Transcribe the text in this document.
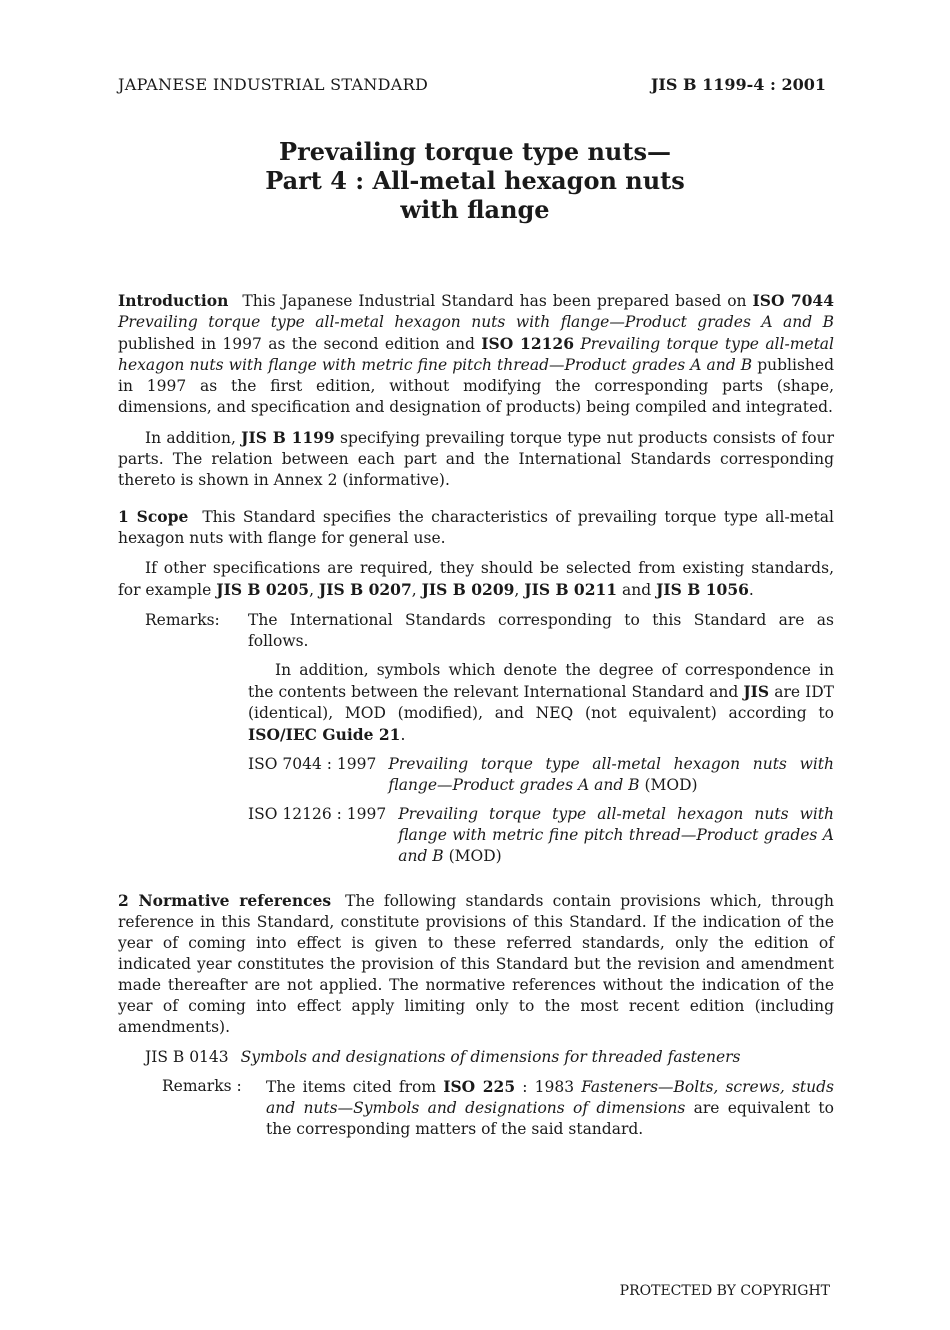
JAPANESE INDUSTRIAL STANDARD	JIS B 1199-4 : 2001
Prevailing torque type nuts—
Part 4 : All-metal hexagon nuts
with flange

Introduction This Japanese Industrial Standard has been prepared based on ISO 7044 Prevailing torque type all-metal hexagon nuts with flange—Product grades A and B published in 1997 as the second edition and ISO 12126 Prevailing torque type all-metal hexagon nuts with flange with metric fine pitch thread—Product grades A and B published in 1997 as the first edition, without modifying the corresponding parts (shape, dimensions, and specification and designation of products) being compiled and integrated.

In addition, JIS B 1199 specifying prevailing torque type nut products consists of four parts. The relation between each part and the International Standards corresponding thereto is shown in Annex 2 (informative).

1 Scope This Standard specifies the characteristics of prevailing torque type all-metal hexagon nuts with flange for general use.

If other specifications are required, they should be selected from existing standards, for example JIS B 0205, JIS B 0207, JIS B 0209, JIS B 0211 and JIS B 1056.

Remarks:	The International Standards corresponding to this Standard are as follows.

In addition, symbols which denote the degree of correspondence in the contents between the relevant International Standard and JIS are IDT (identical), MOD (modified), and NEQ (not equivalent) according to ISO/IEC Guide 21.

ISO 7044 : 1997 Prevailing torque type all-metal hexagon nuts with flange—Product grades A and B (MOD)
ISO 12126 : 1997 Prevailing torque type all-metal hexagon nuts with flange with metric fine pitch thread—Product grades A and B (MOD)

2 Normative references The following standards contain provisions which, through reference in this Standard, constitute provisions of this Standard. If the indication of the year of coming into effect is given to these referred standards, only the edition of indicated year constitutes the provision of this Standard but the revision and amendment made thereafter are not applied. The normative references without the indication of the year of coming into effect apply limiting only to the most recent edition (including amendments).

JIS B 0143 Symbols and designations of dimensions for threaded fasteners
Remarks :	The items cited from ISO 225 : 1983 Fasteners—Bolts, screws, studs and nuts—Symbols and designations of dimensions are equivalent to the corresponding matters of the said standard.
PROTECTED BY COPYRIGHT
